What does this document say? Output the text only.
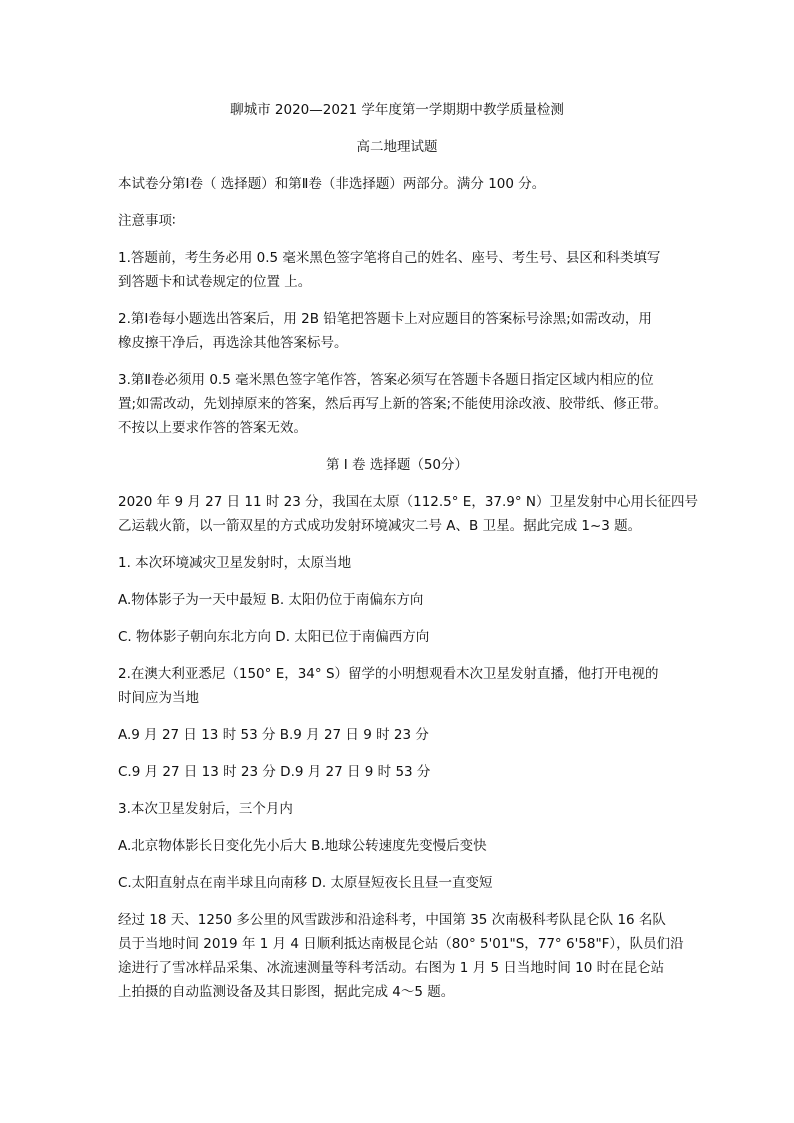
聊城市 2020—2021 学年度第一学期期中教学质量检测

高二地理试题

本试卷分第Ⅰ卷（ 选择题）和第Ⅱ卷（非选择题）两部分。满分 100 分。

注意事项∶

1.答题前，考生务必用 0.5 毫米黑色签字笔将自己的姓名、座号、考生号、县区和科类填写

到答题卡和试卷规定的位置 上。

2.第Ⅰ卷每小题选出答案后，用 2B 铅笔把答题卡上对应题目的答案标号涂黑;如需改动，用

橡皮擦干净后，再选涂其他答案标号。

3.第Ⅱ卷必须用 0.5 毫米黑色签字笔作答，答案必须写在答题卡各题日指定区域内相应的位

置;如需改动，先划掉原来的答案，然后再写上新的答案;不能使用涂改液、胶带纸、修正带。

不按以上要求作答的答案无效。

第 I 卷 选择题（50分）

2020 年 9 月 27 日 11 时 23 分，我国在太原（112.5° E，37.9° N）卫星发射中心用长征四号

乙运载火箭，以一箭双星的方式成功发射环境减灾二号 A、B 卫星。据此完成 1~3 题。

1. 本次环境减灾卫星发射时，太原当地

A.物体影子为一天中最短 B. 太阳仍位于南偏东方向

C. 物体影子朝向东北方向 D. 太阳已位于南偏西方向

2.在澳大利亚悉尼（150° E，34° S）留学的小明想观看木次卫星发射直播，他打开电视的

时间应为当地

A.9 月 27 日 13 时 53 分 B.9 月 27 日 9 时 23 分

C.9 月 27 日 13 时 23 分 D.9 月 27 日 9 时 53 分

3.本次卫星发射后，三个月内

A.北京物体影长日变化先小后大 B.地球公转速度先变慢后变快

C.太阳直射点在南半球且向南移 D. 太原昼短夜长且昼一直变短

经过 18 天、1250 多公里的风雪跋涉和沿途科考，中国第 35 次南极科考队昆仑队 16 名队

员于当地时间 2019 年 1 月 4 日顺利抵达南极昆仑站（80° 5'01"S，77° 6'58"F），队员们沿

途进行了雪冰样品采集、冰流速测量等科考活动。右图为 1 月 5 日当地时间 10 时在昆仑站

上拍摄的自动监测设备及其日影图，据此完成 4～5 题。
